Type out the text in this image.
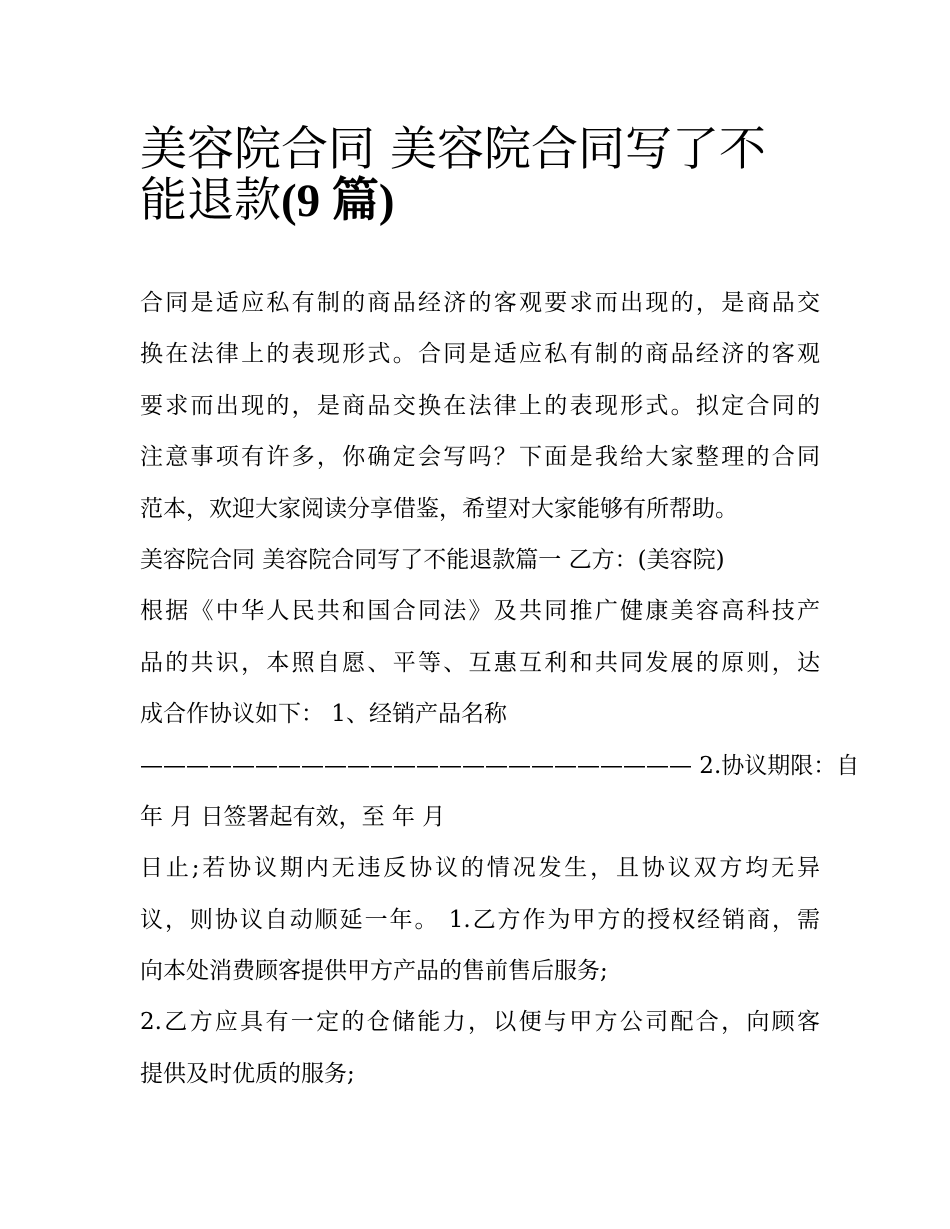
美容院合同 美容院合同写了不
能退款(9 篇)
合同是适应私有制的商品经济的客观要求而出现的，是商品交
换在法律上的表现形式。合同是适应私有制的商品经济的客观
要求而出现的，是商品交换在法律上的表现形式。拟定合同的
注意事项有许多，你确定会写吗？下面是我给大家整理的合同
范本，欢迎大家阅读分享借鉴，希望对大家能够有所帮助。
美容院合同 美容院合同写了不能退款篇一 乙方：(美容院)
根据《中华人民共和国合同法》及共同推广健康美容高科技产
品的共识，本照自愿、平等、互惠互利和共同发展的原则，达
成合作协议如下： 1、经销产品名称
———————————————————————— 2.协议期限：自
年 月 日签署起有效，至 年 月
日止;若协议期内无违反协议的情况发生，且协议双方均无异
议，则协议自动顺延一年。 1.乙方作为甲方的授权经销商，需
向本处消费顾客提供甲方产品的售前售后服务;
2.乙方应具有一定的仓储能力，以便与甲方公司配合，向顾客
提供及时优质的服务;
